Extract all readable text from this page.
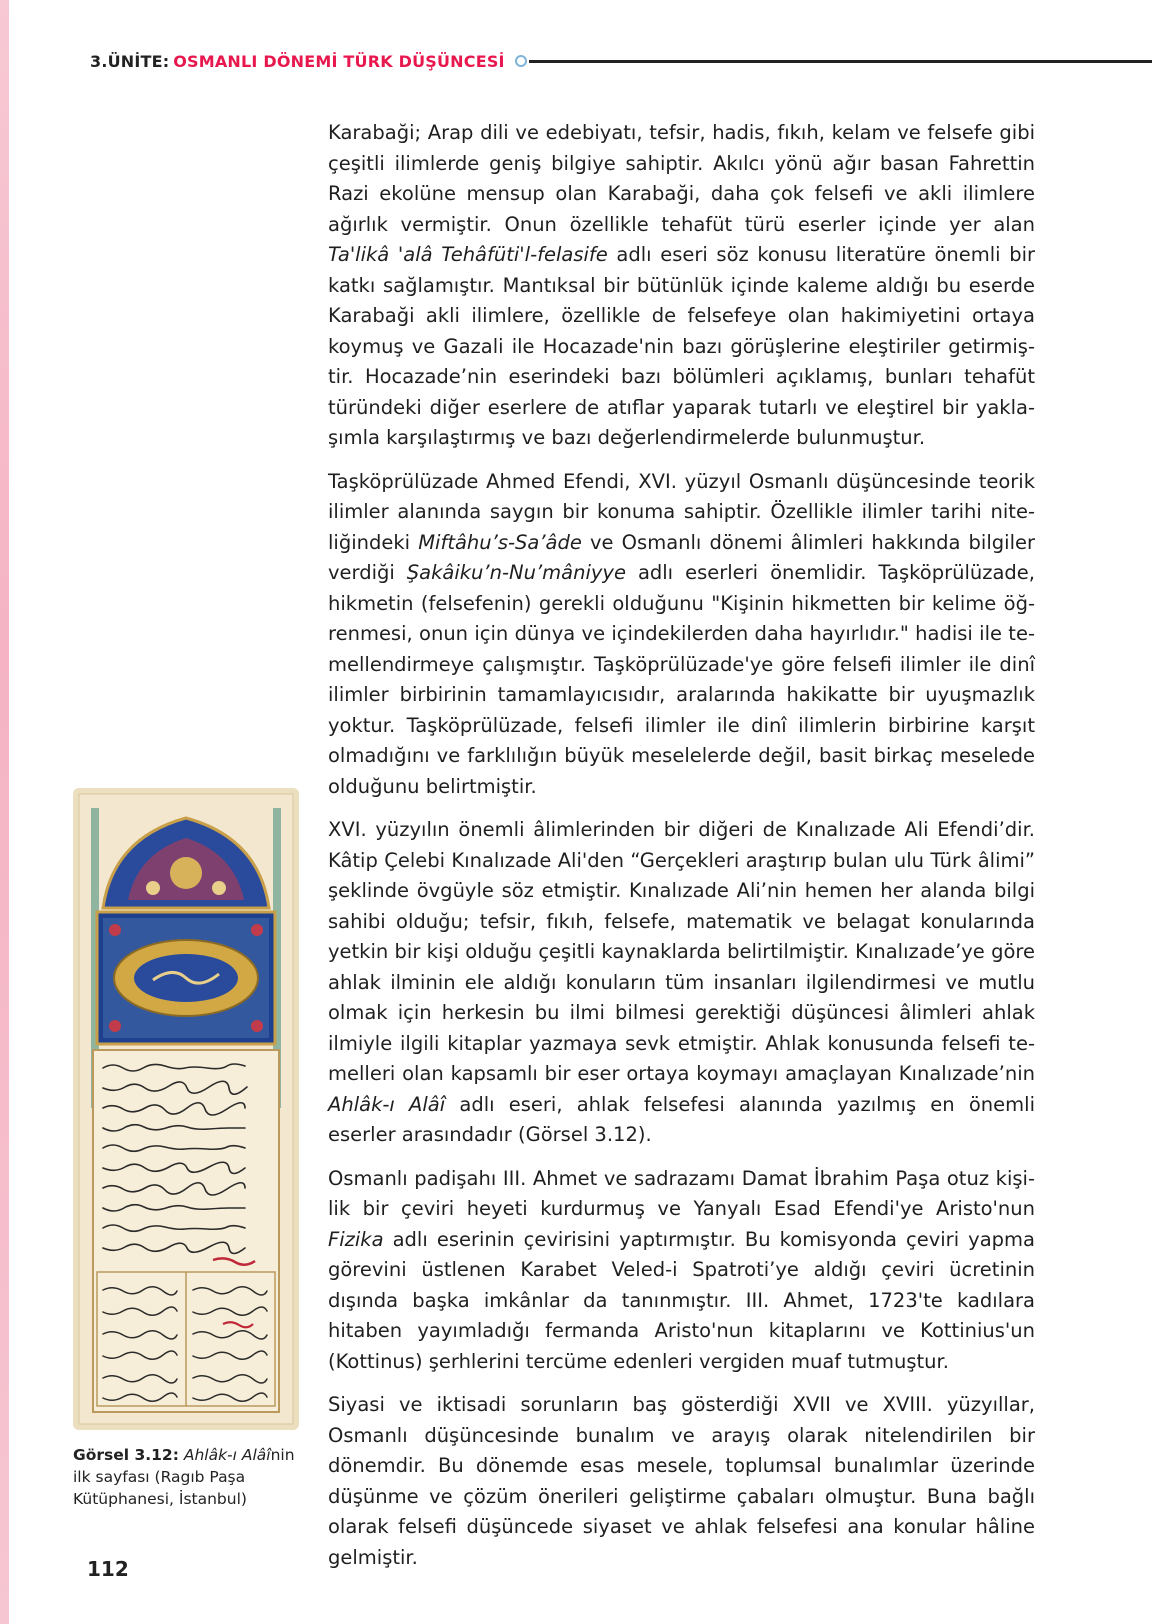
3.ÜNİTE : OSMANLI DÖNEMİ TÜRK DÜŞÜNCESİ

Karabaği; Arap dili ve edebiyatı, tefsir, hadis, fıkıh, kelam ve felsefe gibi çeşitli ilimlerde geniş bilgiye sahiptir. Akılcı yönü ağır basan Fahrettin Razi ekolüne mensup olan Karabaği, daha çok felsefi ve akli ilimlere ağırlık vermiştir. Onun özellikle tehafüt türü eserler içinde yer alan Ta'likâ 'alâ Tehâfüti'l-felasife adlı eseri söz konusu literatüre önemli bir katkı sağlamıştır. Mantıksal bir bütünlük içinde kaleme aldığı bu eserde Karabaği akli ilimlere, özellikle de felsefeye olan hakimiyetini ortaya koymuş ve Gazali ile Hocazade'nin bazı görüşlerine eleştiriler getirmiştir. Hocazade’nin eserindeki bazı bölümleri açıklamış, bunları tehafüt türündeki diğer eserlere de atıflar yaparak tutarlı ve eleştirel bir yaklaşımla karşılaştırmış ve bazı değerlendirmelerde bulunmuştur.

Taşköprülüzade Ahmed Efendi, XVI. yüzyıl Osmanlı düşüncesinde teorik ilimler alanında saygın bir konuma sahiptir. Özellikle ilimler tarihi niteliğindeki Miftâhu’s-Sa’âde ve Osmanlı dönemi âlimleri hakkında bilgiler verdiği Şakâiku’n-Nu’mâniyye adlı eserleri önemlidir. Taşköprülüzade, hikmetin (felsefenin) gerekli olduğunu "Kişinin hikmetten bir kelime öğrenmesi, onun için dünya ve içindekilerden daha hayırlıdır." hadisi ile temellendirmeye çalışmıştır. Taşköprülüzade'ye göre felsefi ilimler ile dinî ilimler birbirinin tamamlayıcısıdır, aralarında hakikatte bir uyuşmazlık yoktur. Taşköprülüzade, felsefi ilimler ile dinî ilimlerin birbirine karşıt olmadığını ve farklılığın büyük meselelerde değil, basit birkaç meselede olduğunu belirtmiştir.

XVI. yüzyılın önemli âlimlerinden bir diğeri de Kınalızade Ali Efendi’dir. Kâtip Çelebi Kınalızade Ali'den “Gerçekleri araştırıp bulan ulu Türk âlimi” şeklinde övgüyle söz etmiştir. Kınalızade Ali’nin hemen her alanda bilgi sahibi olduğu; tefsir, fıkıh, felsefe, matematik ve belagat konularında yetkin bir kişi olduğu çeşitli kaynaklarda belirtilmiştir. Kınalızade’ye göre ahlak ilminin ele aldığı konuların tüm insanları ilgilendirmesi ve mutlu olmak için herkesin bu ilmi bilmesi gerektiği düşüncesi âlimleri ahlak ilmiyle ilgili kitaplar yazmaya sevk etmiştir. Ahlak konusunda felsefi temelleri olan kapsamlı bir eser ortaya koymayı amaçlayan Kınalızade’nin Ahlâk-ı Alâî adlı eseri, ahlak felsefesi alanında yazılmış en önemli eserler arasındadır (Görsel 3.12).

Osmanlı padişahı III. Ahmet ve sadrazamı Damat İbrahim Paşa otuz kişilik bir çeviri heyeti kurdurmuş ve Yanyalı Esad Efendi'ye Aristo'nun Fizika adlı eserinin çevirisini yaptırmıştır. Bu komisyonda çeviri yapma görevini üstlenen Karabet Veled-i Spatroti’ye aldığı çeviri ücretinin dışında başka imkânlar da tanınmıştır. III. Ahmet, 1723'te kadılara hitaben yayımladığı fermanda Aristo'nun kitaplarını ve Kottinius'un (Kottinus) şerhlerini tercüme edenleri vergiden muaf tutmuştur.

Siyasi ve iktisadi sorunların baş gösterdiği XVII ve XVIII. yüzyıllar, Osmanlı düşüncesinde bunalım ve arayış olarak nitelendirilen bir dönemdir. Bu dönemde esas mesele, toplumsal bunalımlar üzerinde düşünme ve çözüm önerileri geliştirme çabaları olmuştur. Buna bağlı olarak felsefi düşüncede siyaset ve ahlak felsefesi ana konular hâline gelmiştir.

Görsel 3.12: Ahlâk-ı Alâînin ilk sayfası (Ragıb Paşa Kütüphanesi, İstanbul)
112
